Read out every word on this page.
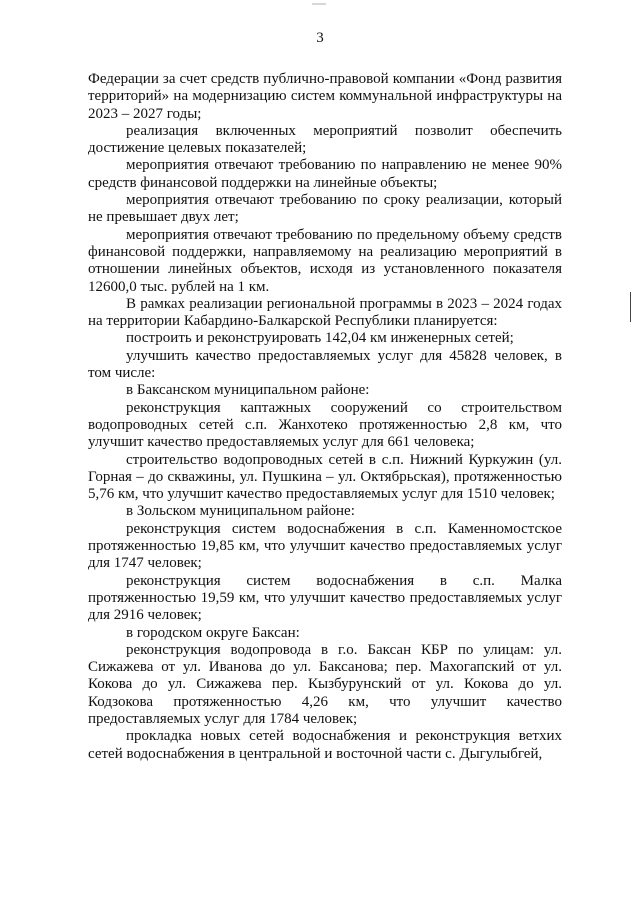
3

Федерации за счет средств публично-правовой компании «Фонд развития территорий» на модернизацию систем коммунальной инфраструктуры на 2023 – 2027 годы;

реализация включенных мероприятий позволит обеспечить достижение целевых показателей;

мероприятия отвечают требованию по направлению не менее 90% средств финансовой поддержки на линейные объекты;

мероприятия отвечают требованию по сроку реализации, который не превышает двух лет;

мероприятия отвечают требованию по предельному объему средств финансовой поддержки, направляемому на реализацию мероприятий в отношении линейных объектов, исходя из установленного показателя 12600,0 тыс. рублей на 1 км.

В рамках реализации региональной программы в 2023 – 2024 годах на территории Кабардино-Балкарской Республики планируется:

построить и реконструировать 142,04 км инженерных сетей;

улучшить качество предоставляемых услуг для 45828 человек, в том числе:

в Баксанском муниципальном районе:

реконструкция каптажных сооружений со строительством водопроводных сетей с.п. Жанхотеко протяженностью 2,8 км, что улучшит качество предоставляемых услуг для 661 человека;

строительство водопроводных сетей в с.п. Нижний Куркужин (ул. Горная – до скважины, ул. Пушкина – ул. Октябрьская), протяженностью 5,76 км, что улучшит качество предоставляемых услуг для 1510 человек;

в Зольском муниципальном районе:

реконструкция систем водоснабжения в с.п. Каменномостское протяженностью 19,85 км, что улучшит качество предоставляемых услуг для 1747 человек;

реконструкция систем водоснабжения в с.п. Малка протяженностью 19,59 км, что улучшит качество предоставляемых услуг для 2916 человек;

в городском округе Баксан:

реконструкция водопровода в г.о. Баксан КБР по улицам: ул. Сижажева от ул. Иванова до ул. Баксанова; пер. Махогапский от ул. Кокова до ул. Сижажева пер. Кызбурунский от ул. Кокова до ул. Кодзокова протяженностью 4,26 км, что улучшит качество предоставляемых услуг для 1784 человек;

прокладка новых сетей водоснабжения и реконструкция ветхих сетей водоснабжения в центральной и восточной части с. Дыгулыбгей,
